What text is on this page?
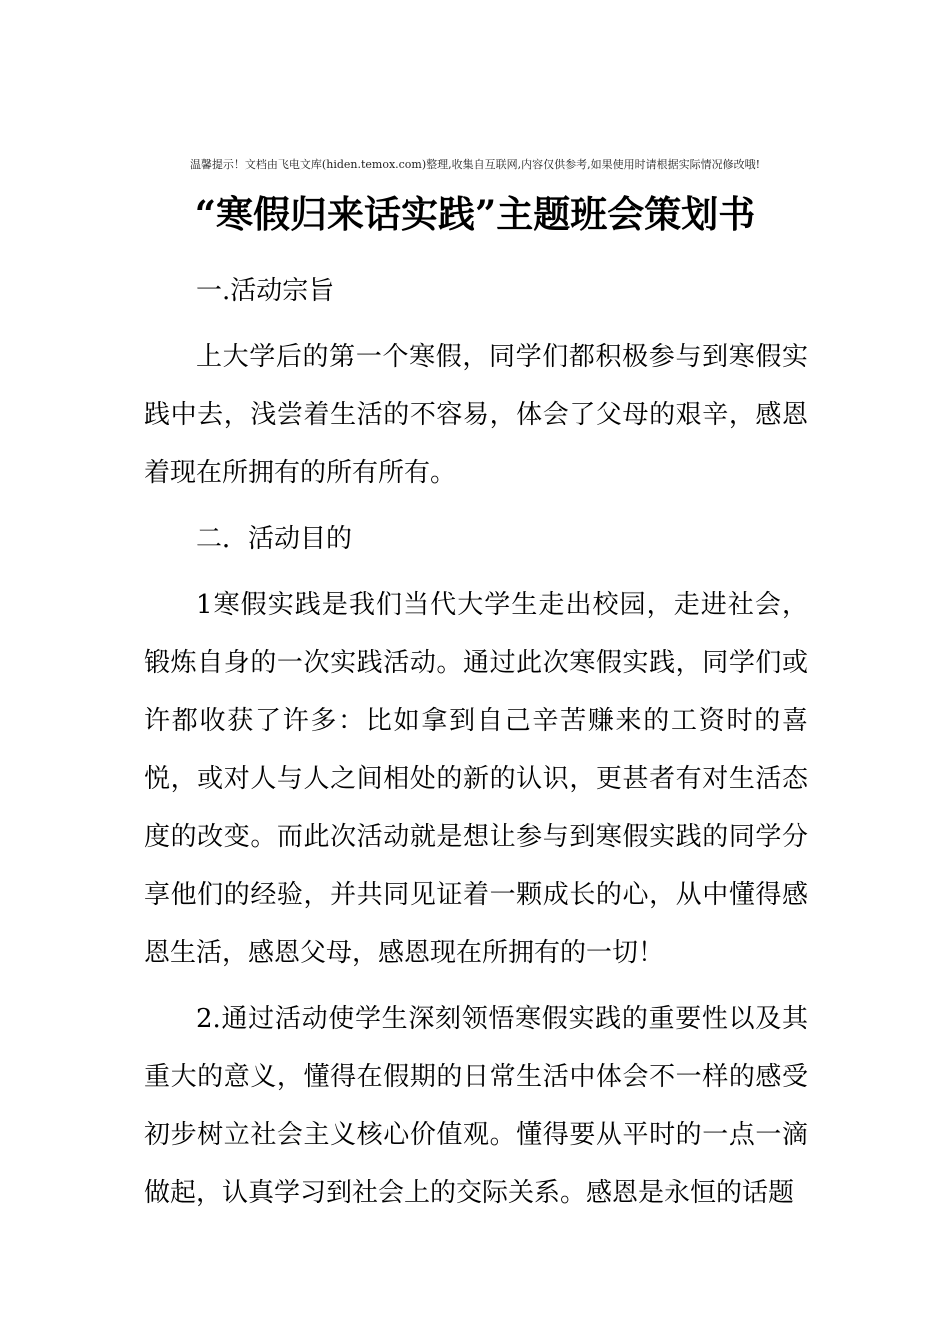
温馨提示！文档由飞电文库(hiden.temox.com)整理,收集自互联网,内容仅供参考,如果使用时请根据实际情况修改哦!
“寒假归来话实践”主题班会策划书

一.活动宗旨

上大学后的第一个寒假，同学们都积极参与到寒假实践中去，浅尝着生活的不容易，体会了父母的艰辛，感恩着现在所拥有的所有所有。

二．活动目的

1寒假实践是我们当代大学生走出校园，走进社会，锻炼自身的一次实践活动。通过此次寒假实践，同学们或许都收获了许多：比如拿到自己辛苦赚来的工资时的喜悦，或对人与人之间相处的新的认识，更甚者有对生活态度的改变。而此次活动就是想让参与到寒假实践的同学分享他们的经验，并共同见证着一颗成长的心，从中懂得感恩生活，感恩父母，感恩现在所拥有的一切！

2.通过活动使学生深刻领悟寒假实践的重要性以及其重大的意义，懂得在假期的日常生活中体会不一样的感受初步树立社会主义核心价值观。懂得要从平时的一点一滴做起，认真学习到社会上的交际关系。感恩是永恒的话题
